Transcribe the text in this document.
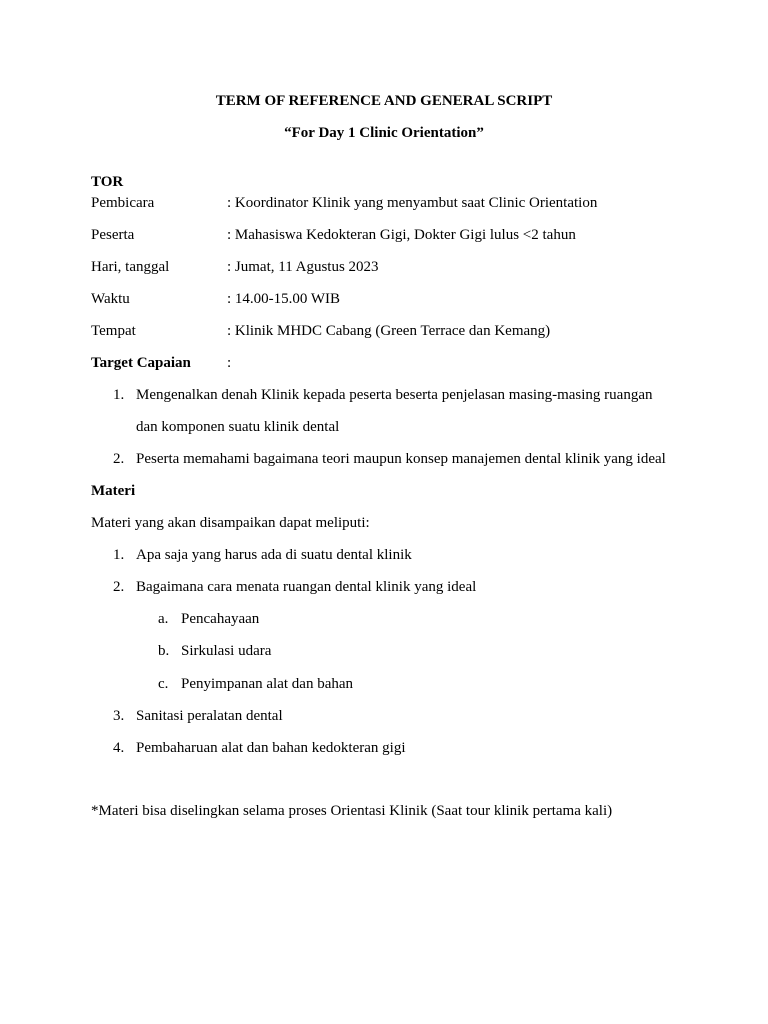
TERM OF REFERENCE AND GENERAL SCRIPT
“For Day 1 Clinic Orientation”
TOR
Pembicara	: Koordinator Klinik yang menyambut saat Clinic Orientation
Peserta	: Mahasiswa Kedokteran Gigi, Dokter Gigi lulus <2 tahun
Hari, tanggal	: Jumat, 11 Agustus 2023
Waktu	: 14.00-15.00 WIB
Tempat	: Klinik MHDC Cabang (Green Terrace dan Kemang)
Target Capaian :
1. Mengenalkan denah Klinik kepada peserta beserta penjelasan masing-masing ruangan
dan komponen suatu klinik dental
2. Peserta memahami bagaimana teori maupun konsep manajemen dental klinik yang ideal
Materi
Materi yang akan disampaikan dapat meliputi:
1. Apa saja yang harus ada di suatu dental klinik
2. Bagaimana cara menata ruangan dental klinik yang ideal
a. Pencahayaan
b. Sirkulasi udara
c. Penyimpanan alat dan bahan
3. Sanitasi peralatan dental
4. Pembaharuan alat dan bahan kedokteran gigi
*Materi bisa diselingkan selama proses Orientasi Klinik (Saat tour klinik pertama kali)
